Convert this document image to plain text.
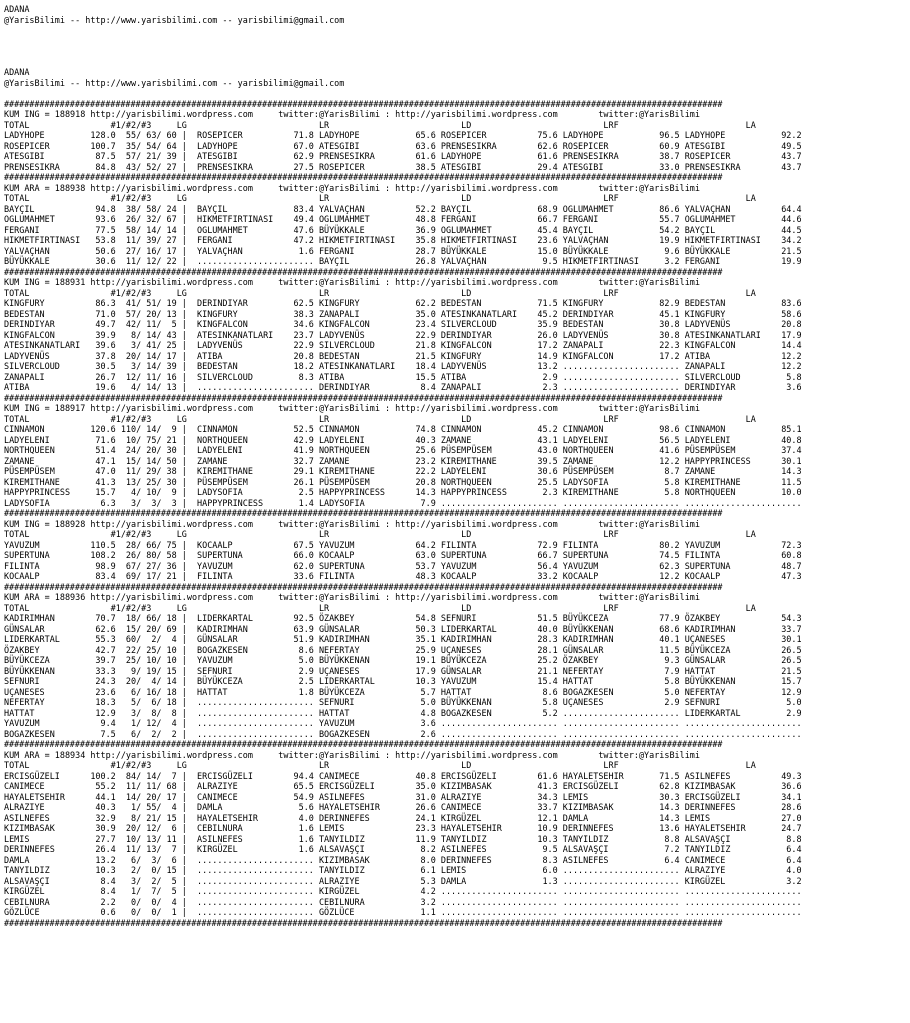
ADANA
@YarisBilimi -- http://www.yarisbilimi.com -- yarisbilimi@gmail.com

ADANA
@YarisBilimi -- http://www.yarisbilimi.com -- yarisbilimi@gmail.com

##############################################################################################################################################
KUM ING = 188918 http://yarisbilimi.wordpress.com     twitter:@YarisBilimi : http://yarisbilimi.wordpress.com        twitter:@YarisBilimi
TOTAL                #1/#2/#3     LG                          LR                          LD                          LRF                         LA
LADYHOPE         128.0  55/ 63/ 60 |  ROSEPICER          71.8 LADYHOPE           65.6 ROSEPICER          75.6 LADYHOPE           96.5 LADYHOPE           92.2
ROSEPICER        100.7  35/ 54/ 64 |  LADYHOPE           67.0 ATESGIBI           63.6 PRENSESIKRA        62.6 ROSEPICER          60.9 ATESGIBI           49.5
ATESGIBI          87.5  57/ 21/ 39 |  ATESGIBI           62.9 PRENSESIKRA        61.6 LADYHOPE           61.6 PRENSESIKRA        38.7 ROSEPICER          43.7
PRENSESIKRA       84.8  43/ 52/ 27 |  PRENSESIKRA        27.5 ROSEPICER          38.5 ATESGIBI           29.4 ATESGIBI           33.0 PRENSESIKRA        43.7
##############################################################################################################################################
KUM ARA = 188938 http://yarisbilimi.wordpress.com     twitter:@YarisBilimi : http://yarisbilimi.wordpress.com        twitter:@YarisBilimi
TOTAL                #1/#2/#3     LG                          LR                          LD                          LRF                         LA
BAYÇIL            94.8  38/ 58/ 24 |  BAYÇIL             83.4 YALVAÇHAN          52.2 BAYÇIL             68.9 OGLUMAHMET         86.6 YALVAÇHAN          64.4
OGLUMAHMET        93.6  26/ 32/ 67 |  HIKMETFIRTINASI    49.4 OGLUMAHMET         48.8 FERGANI            66.7 FERGANI            55.7 OGLUMAHMET         44.6
FERGANI           77.5  58/ 14/ 14 |  OGLUMAHMET         47.6 BÜYÜKKALE          36.9 OGLUMAHMET         45.4 BAYÇIL             54.2 BAYÇIL             44.5
HIKMETFIRTINASI   53.8  11/ 39/ 27 |  FERGANI            47.2 HIKMETFIRTINASI    35.8 HIKMETFIRTINASI    23.6 YALVAÇHAN          19.9 HIKMETFIRTINASI    34.2
YALVAÇHAN         50.6  27/ 16/ 17 |  YALVAÇHAN           1.6 FERGANI            28.7 BÜYÜKKALE          15.0 BÜYÜKKALE           9.6 BÜYÜKKALE          21.5
BÜYÜKKALE         30.6  11/ 12/ 22 |  ....................... BAYÇIL             26.8 YALVAÇHAN           9.5 HIKMETFIRTINASI     3.2 FERGANI            19.9
##############################################################################################################################################
KUM ING = 188931 http://yarisbilimi.wordpress.com     twitter:@YarisBilimi : http://yarisbilimi.wordpress.com        twitter:@YarisBilimi
TOTAL                #1/#2/#3     LG                          LR                          LD                          LRF                         LA
KINGFURY          86.3  41/ 51/ 19 |  DERINDIYAR         62.5 KINGFURY           62.2 BEDESTAN           71.5 KINGFURY           82.9 BEDESTAN           83.6
BEDESTAN          71.0  57/ 20/ 13 |  KINGFURY           38.3 ZANAPALI           35.0 ATESINKANATLARI    45.2 DERINDIYAR         45.1 KINGFURY           58.6
DERINDIYAR        49.7  42/ 11/  5 |  KINGFALCON         34.6 KINGFALCON         23.4 SILVERCLOUD        35.9 BEDESTAN           30.8 LADYVENÜS          20.8
KINGFALCON        39.9   8/ 14/ 43 |  ATESINKANATLARI    23.7 LADYVENÜS          22.9 DERINDIYAR         26.0 LADYVENÜS          30.8 ATESINKANATLARI    17.9
ATESINKANATLARI   39.6   3/ 41/ 25 |  LADYVENÜS          22.9 SILVERCLOUD        21.8 KINGFALCON         17.2 ZANAPALI           22.3 KINGFALCON         14.4
LADYVENÜS         37.8  20/ 14/ 17 |  ATIBA              20.8 BEDESTAN           21.5 KINGFURY           14.9 KINGFALCON         17.2 ATIBA              12.2
SILVERCLOUD       30.5   3/ 14/ 39 |  BEDESTAN           18.2 ATESINKANATLARI    18.4 LADYVENÜS          13.2 ....................... ZANAPALI           12.2
ZANAPALI          26.7  12/ 11/ 16 |  SILVERCLOUD         8.3 ATIBA              15.5 ATIBA               2.9 ....................... SILVERCLOUD         5.8
ATIBA             19.6   4/ 14/ 13 |  ....................... DERINDIYAR          8.4 ZANAPALI            2.3 ....................... DERINDIYAR          3.6
##############################################################################################################################################
KUM ING = 188917 http://yarisbilimi.wordpress.com     twitter:@YarisBilimi : http://yarisbilimi.wordpress.com        twitter:@YarisBilimi
TOTAL                #1/#2/#3     LG                          LR                          LD                          LRF                         LA
CINNAMON         120.6 110/ 14/  9 |  CINNAMON           52.5 CINNAMON           74.8 CINNAMON           45.2 CINNAMON           98.6 CINNAMON           85.1
LADYELENI         71.6  10/ 75/ 21 |  NORTHQUEEN         42.9 LADYELENI          40.3 ZAMANE             43.1 LADYELENI          56.5 LADYELENI          40.8
NORTHQUEEN        51.4  24/ 20/ 30 |  LADYELENI          41.9 NORTHQUEEN         25.6 PÜSEMPÜSEM         43.0 NORTHQUEEN         41.6 PÜSEMPÜSEM         37.4
ZAMANE            47.1  15/ 14/ 50 |  ZAMANE             32.7 ZAMANE             23.2 KIREMITHANE        39.5 ZAMANE             12.2 HAPPYPRINCESS      30.1
PÜSEMPÜSEM        47.0  11/ 29/ 38 |  KIREMITHANE        29.1 KIREMITHANE        22.2 LADYELENI          30.6 PÜSEMPÜSEM          8.7 ZAMANE             14.3
KIREMITHANE       41.3  13/ 25/ 30 |  PÜSEMPÜSEM         26.1 PÜSEMPÜSEM         20.8 NORTHQUEEN         25.5 LADYSOFIA           5.8 KIREMITHANE        11.5
HAPPYPRINCESS     15.7   4/ 10/  9 |  LADYSOFIA           2.5 HAPPYPRINCESS      14.3 HAPPYPRINCESS       2.3 KIREMITHANE         5.8 NORTHQUEEN         10.0
LADYSOFIA          6.3   3/  3/  3 |  HAPPYPRINCESS       1.4 LADYSOFIA           7.9 ....................... ....................... .......................
##############################################################################################################################################
KUM ING = 188928 http://yarisbilimi.wordpress.com     twitter:@YarisBilimi : http://yarisbilimi.wordpress.com        twitter:@YarisBilimi
TOTAL                #1/#2/#3     LG                          LR                          LD                          LRF                         LA
YAVUZUM          110.5  28/ 66/ 75 |  KOCAALP            67.5 YAVUZUM            64.2 FILINTA            72.9 FILINTA            80.2 YAVUZUM            72.3
SUPERTUNA        108.2  26/ 80/ 58 |  SUPERTUNA          66.0 KOCAALP            63.0 SUPERTUNA          66.7 SUPERTUNA          74.5 FILINTA            60.8
FILINTA           98.9  67/ 27/ 36 |  YAVUZUM            62.0 SUPERTUNA          53.7 YAVUZUM            56.4 YAVUZUM            62.3 SUPERTUNA          48.7
KOCAALP           83.4  69/ 17/ 21 |  FILINTA            33.6 FILINTA            48.3 KOCAALP            33.2 KOCAALP            12.2 KOCAALP            47.3
##############################################################################################################################################
KUM ARA = 188936 http://yarisbilimi.wordpress.com     twitter:@YarisBilimi : http://yarisbilimi.wordpress.com        twitter:@YarisBilimi
TOTAL                #1/#2/#3     LG                          LR                          LD                          LRF                         LA
KADIRIMHAN        70.7  18/ 66/ 18 |  LIDERKARTAL        92.5 ÖZAKBEY            54.8 SEFNURI            51.5 BÜYÜKCEZA          77.9 ÖZAKBEY            54.3
GÜNSALAR          62.6  15/ 20/ 69 |  KADIRIMHAN         63.9 GÜNSALAR           50.3 LIDERKARTAL        40.0 BÜYÜKKENAN         68.6 KADIRIMHAN         33.7
LIDERKARTAL       55.3  60/  2/  4 |  GÜNSALAR           51.9 KADIRIMHAN         35.1 KADIRIMHAN         28.3 KADIRIMHAN         40.1 UÇANESES           30.1
ÖZAKBEY           42.7  22/ 25/ 10 |  BOGAZKESEN          8.6 NEFERTAY           25.9 UÇANESES           28.1 GÜNSALAR           11.5 BÜYÜKCEZA          26.5
BÜYÜKCEZA         39.7  25/ 10/ 10 |  YAVUZUM             5.0 BÜYÜKKENAN         19.1 BÜYÜKCEZA          25.2 ÖZAKBEY             9.3 GÜNSALAR           26.5
BÜYÜKKENAN        33.3   9/ 19/ 15 |  SEFNURI             2.9 UÇANESES           17.9 GÜNSALAR           21.1 NEFERTAY            7.9 HATTAT             21.5
SEFNURI           24.3  20/  4/ 14 |  BÜYÜKCEZA           2.5 LIDERKARTAL        10.3 YAVUZUM            15.4 HATTAT              5.8 BÜYÜKKENAN         15.7
UÇANESES          23.6   6/ 16/ 18 |  HATTAT              1.8 BÜYÜKCEZA           5.7 HATTAT              8.6 BOGAZKESEN          5.0 NEFERTAY           12.9
NEFERTAY          18.3   5/  6/ 18 |  ....................... SEFNURI             5.0 BÜYÜKKENAN          5.8 UÇANESES            2.9 SEFNURI             5.0
HATTAT            12.9   3/  8/  8 |  ....................... HATTAT              4.8 BOGAZKESEN          5.2 ....................... LIDERKARTAL         2.9
YAVUZUM            9.4   1/ 12/  4 |  ....................... YAVUZUM             3.6 ....................... ....................... .......................
BOGAZKESEN         7.5   6/  2/  2 |  ....................... BOGAZKESEN          2.6 ....................... ....................... .......................
##############################################################################################################################################
KUM ARA = 188934 http://yarisbilimi.wordpress.com     twitter:@YarisBilimi : http://yarisbilimi.wordpress.com        twitter:@YarisBilimi
TOTAL                #1/#2/#3     LG                          LR                          LD                          LRF                         LA
ERCISGÜZELI      100.2  84/ 14/  7 |  ERCISGÜZELI        94.4 CANIMECE           40.8 ERCISGÜZELI        61.6 HAYALETSEHIR       71.5 ASILNEFES          49.3
CANIMECE          55.2  11/ 11/ 68 |  ALRAZIYE           65.5 ERCISGÜZELI        35.0 KIZIMBASAK         41.3 ERCISGÜZELI        62.8 KIZIMBASAK         36.6
HAYALETSEHIR      44.1  14/ 20/ 17 |  CANIMECE           54.9 ASILNEFES          31.0 ALRAZIYE           34.3 LEMIS              30.3 ERCISGÜZELI        34.1
ALRAZIYE          40.3   1/ 55/  4 |  DAMLA               5.6 HAYALETSEHIR       26.6 CANIMECE           33.7 KIZIMBASAK         14.3 DERINNEFES         28.6
ASILNEFES         32.9   8/ 21/ 15 |  HAYALETSEHIR        4.0 DERINNEFES         24.1 KIRGÜZEL           12.1 DAMLA              14.3 LEMIS              27.0
KIZIMBASAK        30.9  20/ 12/  6 |  CEBILNURA           1.6 LEMIS              23.3 HAYALETSEHIR       10.9 DERINNEFES         13.6 HAYALETSEHIR       24.7
LEMIS             27.7  10/ 13/ 11 |  ASILNEFES           1.6 TANYILDIZ          11.9 TANYILDIZ          10.3 TANYILDIZ           8.8 ALSAVAŞÇI           8.8
DERINNEFES        26.4  11/ 13/  7 |  KIRGÜZEL            1.6 ALSAVAŞÇI           8.2 ASILNEFES           9.5 ALSAVAŞÇI           7.2 TANYILDIZ           6.4
DAMLA             13.2   6/  3/  6 |  ....................... KIZIMBASAK          8.0 DERINNEFES          8.3 ASILNEFES           6.4 CANIMECE            6.4
TANYILDIZ         10.3   2/  0/ 15 |  ....................... TANYILDIZ           6.1 LEMIS               6.0 ....................... ALRAZIYE            4.0
ALSAVAŞÇI          8.4   3/  2/  5 |  ....................... ALRAZIYE            5.3 DAMLA               1.3 ....................... KIRGÜZEL            3.2
KIRGÜZEL           8.4   1/  7/  5 |  ....................... KIRGÜZEL            4.2 ....................... ....................... .......................
CEBILNURA          2.2   0/  0/  4 |  ....................... CEBILNURA           3.2 ....................... ....................... .......................
GÖZLÜCE            0.6   0/  0/  1 |  ....................... GÖZLÜCE             1.1 ....................... ....................... .......................
##############################################################################################################################################
